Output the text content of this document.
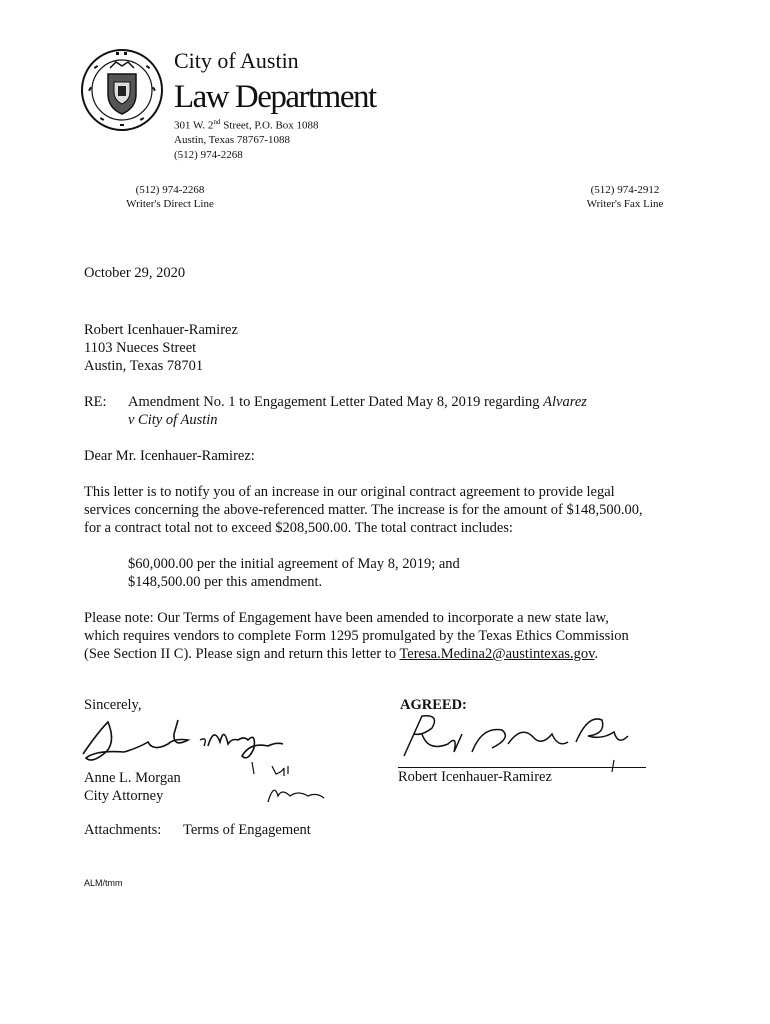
City of Austin
Law Department
301 W. 2nd Street, P.O. Box 1088
Austin, Texas 78767-1088
(512) 974-2268
(512) 974-2268
Writer's Direct Line
(512) 974-2912
Writer's Fax Line
October 29, 2020
Robert Icenhauer-Ramirez
1103 Nueces Street
Austin, Texas 78701
RE: Amendment No. 1 to Engagement Letter Dated May 8, 2019 regarding Alvarez
v City of Austin
Dear Mr. Icenhauer-Ramirez:
This letter is to notify you of an increase in our original contract agreement to provide legal
services concerning the above-referenced matter. The increase is for the amount of $148,500.00,
for a contract total not to exceed $208,500.00. The total contract includes:
$60,000.00 per the initial agreement of May 8, 2019; and
$148,500.00 per this amendment.
Please note: Our Terms of Engagement have been amended to incorporate a new state law,
which requires vendors to complete Form 1295 promulgated by the Texas Ethics Commission
(See Section II C). Please sign and return this letter to Teresa.Medina2@austintexas.gov.
Sincerely,
Anne L. Morgan
City Attorney
AGREED:
Robert Icenhauer-Ramirez
Attachments: Terms of Engagement
ALM/tmm
